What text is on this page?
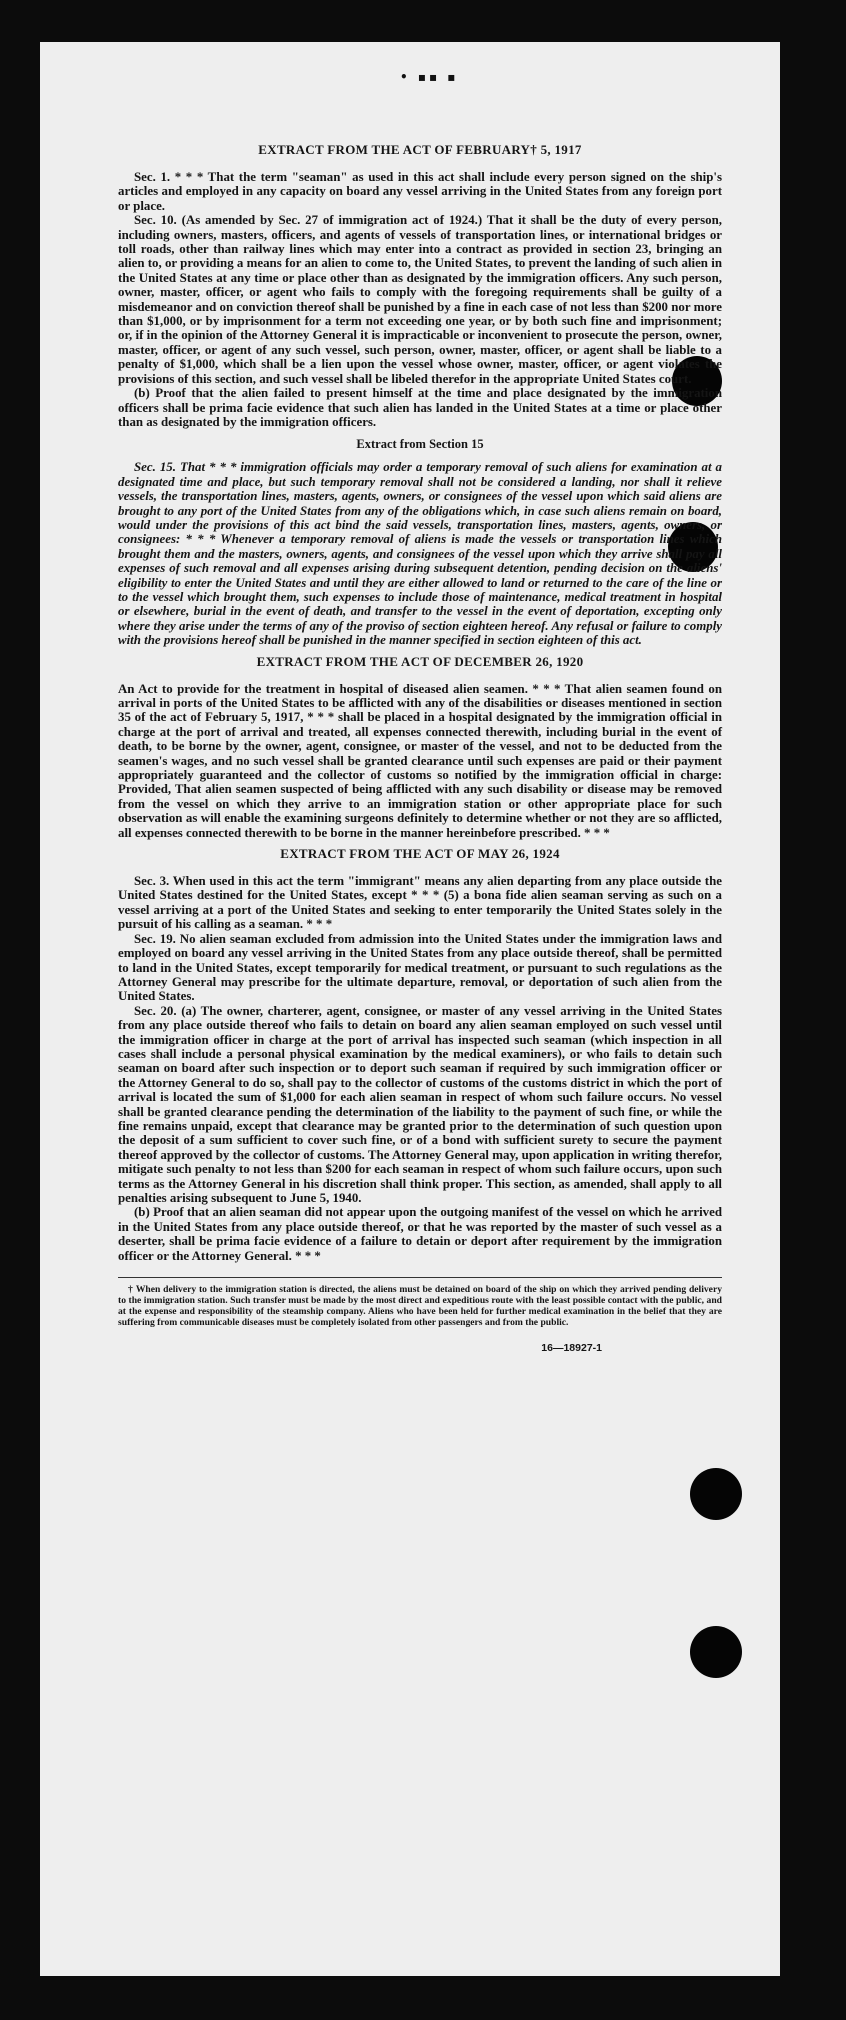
• ▪▪ ▪
EXTRACT FROM THE ACT OF FEBRUARY† 5, 1917

Sec. 1. * * * That the term "seaman" as used in this act shall include every person signed on the ship's articles and employed in any capacity on board any vessel arriving in the United States from any foreign port or place.

Sec. 10. (As amended by Sec. 27 of immigration act of 1924.) That it shall be the duty of every person, including owners, masters, officers, and agents of vessels of transportation lines, or international bridges or toll roads, other than railway lines which may enter into a contract as provided in section 23, bringing an alien to, or providing a means for an alien to come to, the United States, to prevent the landing of such alien in the United States at any time or place other than as designated by the immigration officers. Any such person, owner, master, officer, or agent who fails to comply with the foregoing requirements shall be guilty of a misdemeanor and on conviction thereof shall be punished by a fine in each case of not less than $200 nor more than $1,000, or by imprisonment for a term not exceeding one year, or by both such fine and imprisonment; or, if in the opinion of the Attorney General it is impracticable or inconvenient to prosecute the person, owner, master, officer, or agent of any such vessel, such person, owner, master, officer, or agent shall be liable to a penalty of $1,000, which shall be a lien upon the vessel whose owner, master, officer, or agent violates the provisions of this section, and such vessel shall be libeled therefor in the appropriate United States court.

(b) Proof that the alien failed to present himself at the time and place designated by the immigration officers shall be prima facie evidence that such alien has landed in the United States at a time or place other than as designated by the immigration officers.

Extract from Section 15

Sec. 15. That * * * immigration officials may order a temporary removal of such aliens for examination at a designated time and place, but such temporary removal shall not be considered a landing, nor shall it relieve vessels, the transportation lines, masters, agents, owners, or consignees of the vessel upon which said aliens are brought to any port of the United States from any of the obligations which, in case such aliens remain on board, would under the provisions of this act bind the said vessels, transportation lines, masters, agents, owners, or consignees: * * * Whenever a temporary removal of aliens is made the vessels or transportation lines which brought them and the masters, owners, agents, and consignees of the vessel upon which they arrive shall pay all expenses of such removal and all expenses arising during subsequent detention, pending decision on the aliens' eligibility to enter the United States and until they are either allowed to land or returned to the care of the line or to the vessel which brought them, such expenses to include those of maintenance, medical treatment in hospital or elsewhere, burial in the event of death, and transfer to the vessel in the event of deportation, excepting only where they arise under the terms of any of the proviso of section eighteen hereof. Any refusal or failure to comply with the provisions hereof shall be punished in the manner specified in section eighteen of this act.

EXTRACT FROM THE ACT OF DECEMBER 26, 1920

An Act to provide for the treatment in hospital of diseased alien seamen. * * * That alien seamen found on arrival in ports of the United States to be afflicted with any of the disabilities or diseases mentioned in section 35 of the act of February 5, 1917, * * * shall be placed in a hospital designated by the immigration official in charge at the port of arrival and treated, all expenses connected therewith, including burial in the event of death, to be borne by the owner, agent, consignee, or master of the vessel, and not to be deducted from the seamen's wages, and no such vessel shall be granted clearance until such expenses are paid or their payment appropriately guaranteed and the collector of customs so notified by the immigration official in charge: Provided, That alien seamen suspected of being afflicted with any such disability or disease may be removed from the vessel on which they arrive to an immigration station or other appropriate place for such observation as will enable the examining surgeons definitely to determine whether or not they are so afflicted, all expenses connected therewith to be borne in the manner hereinbefore prescribed. * * *

EXTRACT FROM THE ACT OF MAY 26, 1924

Sec. 3. When used in this act the term "immigrant" means any alien departing from any place outside the United States destined for the United States, except * * * (5) a bona fide alien seaman serving as such on a vessel arriving at a port of the United States and seeking to enter temporarily the United States solely in the pursuit of his calling as a seaman. * * *

Sec. 19. No alien seaman excluded from admission into the United States under the immigration laws and employed on board any vessel arriving in the United States from any place outside thereof, shall be permitted to land in the United States, except temporarily for medical treatment, or pursuant to such regulations as the Attorney General may prescribe for the ultimate departure, removal, or deportation of such alien from the United States.

Sec. 20. (a) The owner, charterer, agent, consignee, or master of any vessel arriving in the United States from any place outside thereof who fails to detain on board any alien seaman employed on such vessel until the immigration officer in charge at the port of arrival has inspected such seaman (which inspection in all cases shall include a personal physical examination by the medical examiners), or who fails to detain such seaman on board after such inspection or to deport such seaman if required by such immigration officer or the Attorney General to do so, shall pay to the collector of customs of the customs district in which the port of arrival is located the sum of $1,000 for each alien seaman in respect of whom such failure occurs. No vessel shall be granted clearance pending the determination of the liability to the payment of such fine, or while the fine remains unpaid, except that clearance may be granted prior to the determination of such question upon the deposit of a sum sufficient to cover such fine, or of a bond with sufficient surety to secure the payment thereof approved by the collector of customs. The Attorney General may, upon application in writing therefor, mitigate such penalty to not less than $200 for each seaman in respect of whom such failure occurs, upon such terms as the Attorney General in his discretion shall think proper. This section, as amended, shall apply to all penalties arising subsequent to June 5, 1940.

(b) Proof that an alien seaman did not appear upon the outgoing manifest of the vessel on which he arrived in the United States from any place outside thereof, or that he was reported by the master of such vessel as a deserter, shall be prima facie evidence of a failure to detain or deport after requirement by the immigration officer or the Attorney General. * * *

† When delivery to the immigration station is directed, the aliens must be detained on board of the ship on which they arrived pending delivery to the immigration station. Such transfer must be made by the most direct and expeditious route with the least possible contact with the public, and at the expense and responsibility of the steamship company. Aliens who have been held for further medical examination in the belief that they are suffering from communicable diseases must be completely isolated from other passengers and from the public.

16—18927-1
